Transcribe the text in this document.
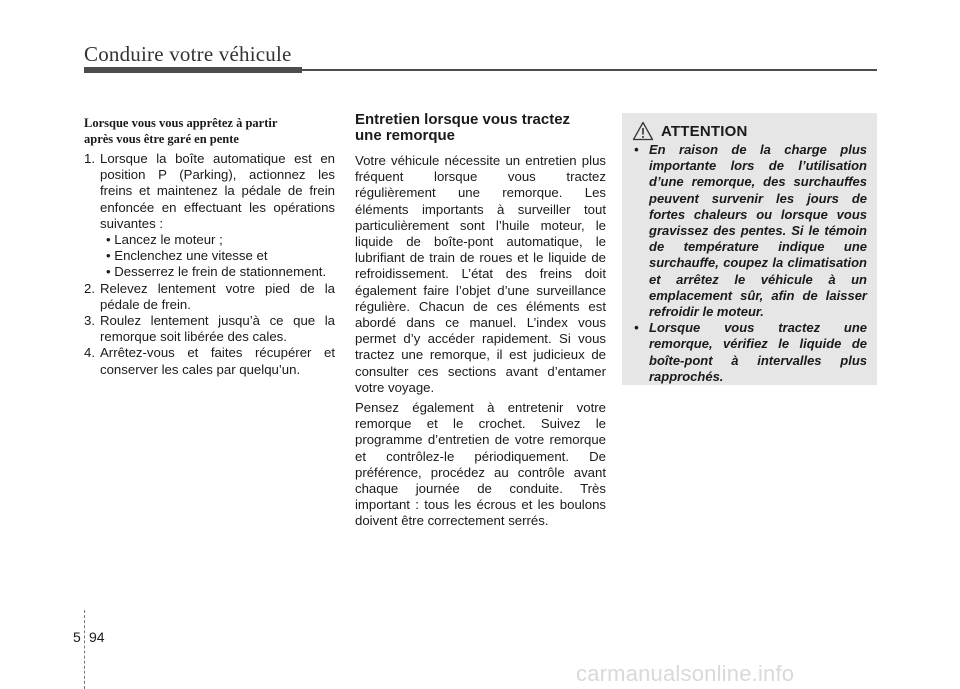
Conduire votre véhicule

Lorsque vous vous apprêtez à partir
après vous être garé en pente

1. Lorsque la boîte automatique est en position P (Parking), actionnez les freins et maintenez la pédale de frein enfoncée en effectuant les opérations suivantes :
• Lancez le moteur ;
• Enclenchez une vitesse et
• Desserrez le frein de stationnement.
2. Relevez lentement votre pied de la pédale de frein.
3. Roulez lentement jusqu’à ce que la remorque soit libérée des cales.
4. Arrêtez-vous et faites récupérer et conserver les cales par quelqu’un.
Entretien lorsque vous tractez
une remorque

Votre véhicule nécessite un entretien plus fréquent lorsque vous tractez régulièrement une remorque. Les éléments importants à surveiller tout particulièrement sont l’huile moteur, le liquide de boîte-pont automatique, le lubrifiant de train de roues et le liquide de refroidissement. L’état des freins doit également faire l’objet d’une surveillance régulière. Chacun de ces éléments est abordé dans ce manuel. L’index vous permet d’y accéder rapidement. Si vous tractez une remorque, il est judicieux de consulter ces sections avant d’entamer votre voyage.

Pensez également à entretenir votre remorque et le crochet. Suivez le programme d’entretien de votre remorque et contrôlez-le périodiquement. De préférence, procédez au contrôle avant chaque journée de conduite. Très important : tous les écrous et les boulons doivent être correctement serrés.

ATTENTION
• En raison de la charge plus importante lors de l’utilisation d’une remorque, des surchauffes peuvent survenir les jours de fortes chaleurs ou lorsque vous gravissez des pentes. Si le témoin de température indique une surchauffe, coupez la climatisation et arrêtez le véhicule à un emplacement sûr, afin de laisser refroidir le moteur.
• Lorsque vous tractez une remorque, vérifiez le liquide de boîte-pont à intervalles plus rapprochés.
5 94
carmanualsonline.info
